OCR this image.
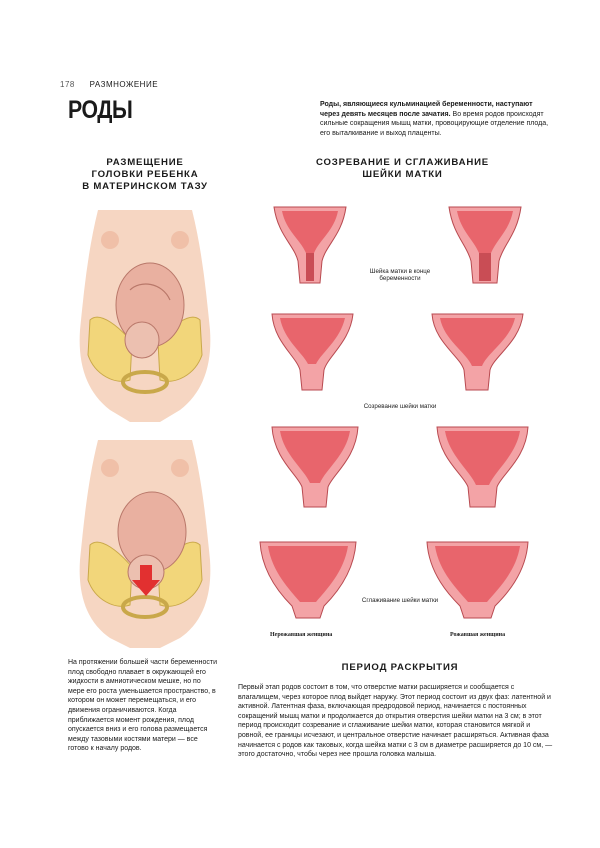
178 РАЗМНОЖЕНИЕ
РОДЫ	Роды, являющиеся кульминацией беременности, наступают через девять месяцев после зачатия. Во время родов происходят сильные сокращения мышц матки, провоцирующие отделение плода, его выталкивание и выход плаценты.
РАЗМЕЩЕНИЕ
ГОЛОВКИ РЕБЕНКА
В МАТЕРИНСКОМ ТАЗУ
СОЗРЕВАНИЕ И СГЛАЖИВАНИЕ
ШЕЙКИ МАТКИ
Шейка матки в конце беременности
Созревание шейки матки
Сглаживание шейки матки
Нерожавшая женщина	Рожавшая женщина
На протяжении большей части беременности плод свободно плавает в окружающей его жидкости в амниотическом мешке, но по мере его роста уменьшается пространство, в котором он может перемещаться, и его движения ограничиваются. Когда приближается момент рождения, плод опускается вниз и его голова размещается между тазовыми костями матери — все готово к началу родов.
ПЕРИОД РАСКРЫТИЯ
Первый этап родов состоит в том, что отверстие матки расширяется и сообщается с влагалищем, через которое плод выйдет наружу. Этот период состоит из двух фаз: латентной и активной. Латентная фаза, включающая предродовой период, начинается с постоянных сокращений мышц матки и продолжается до открытия отверстия шейки матки на 3 см; в этот период происходит созревание и сглаживание шейки матки, которая становится мягкой и ровной, ее границы исчезают, и центральное отверстие начинает расширяться. Активная фаза начинается с родов как таковых, когда шейка матки с 3 см в диаметре расширяется до 10 см, — этого достаточно, чтобы через нее прошла головка малыша.
